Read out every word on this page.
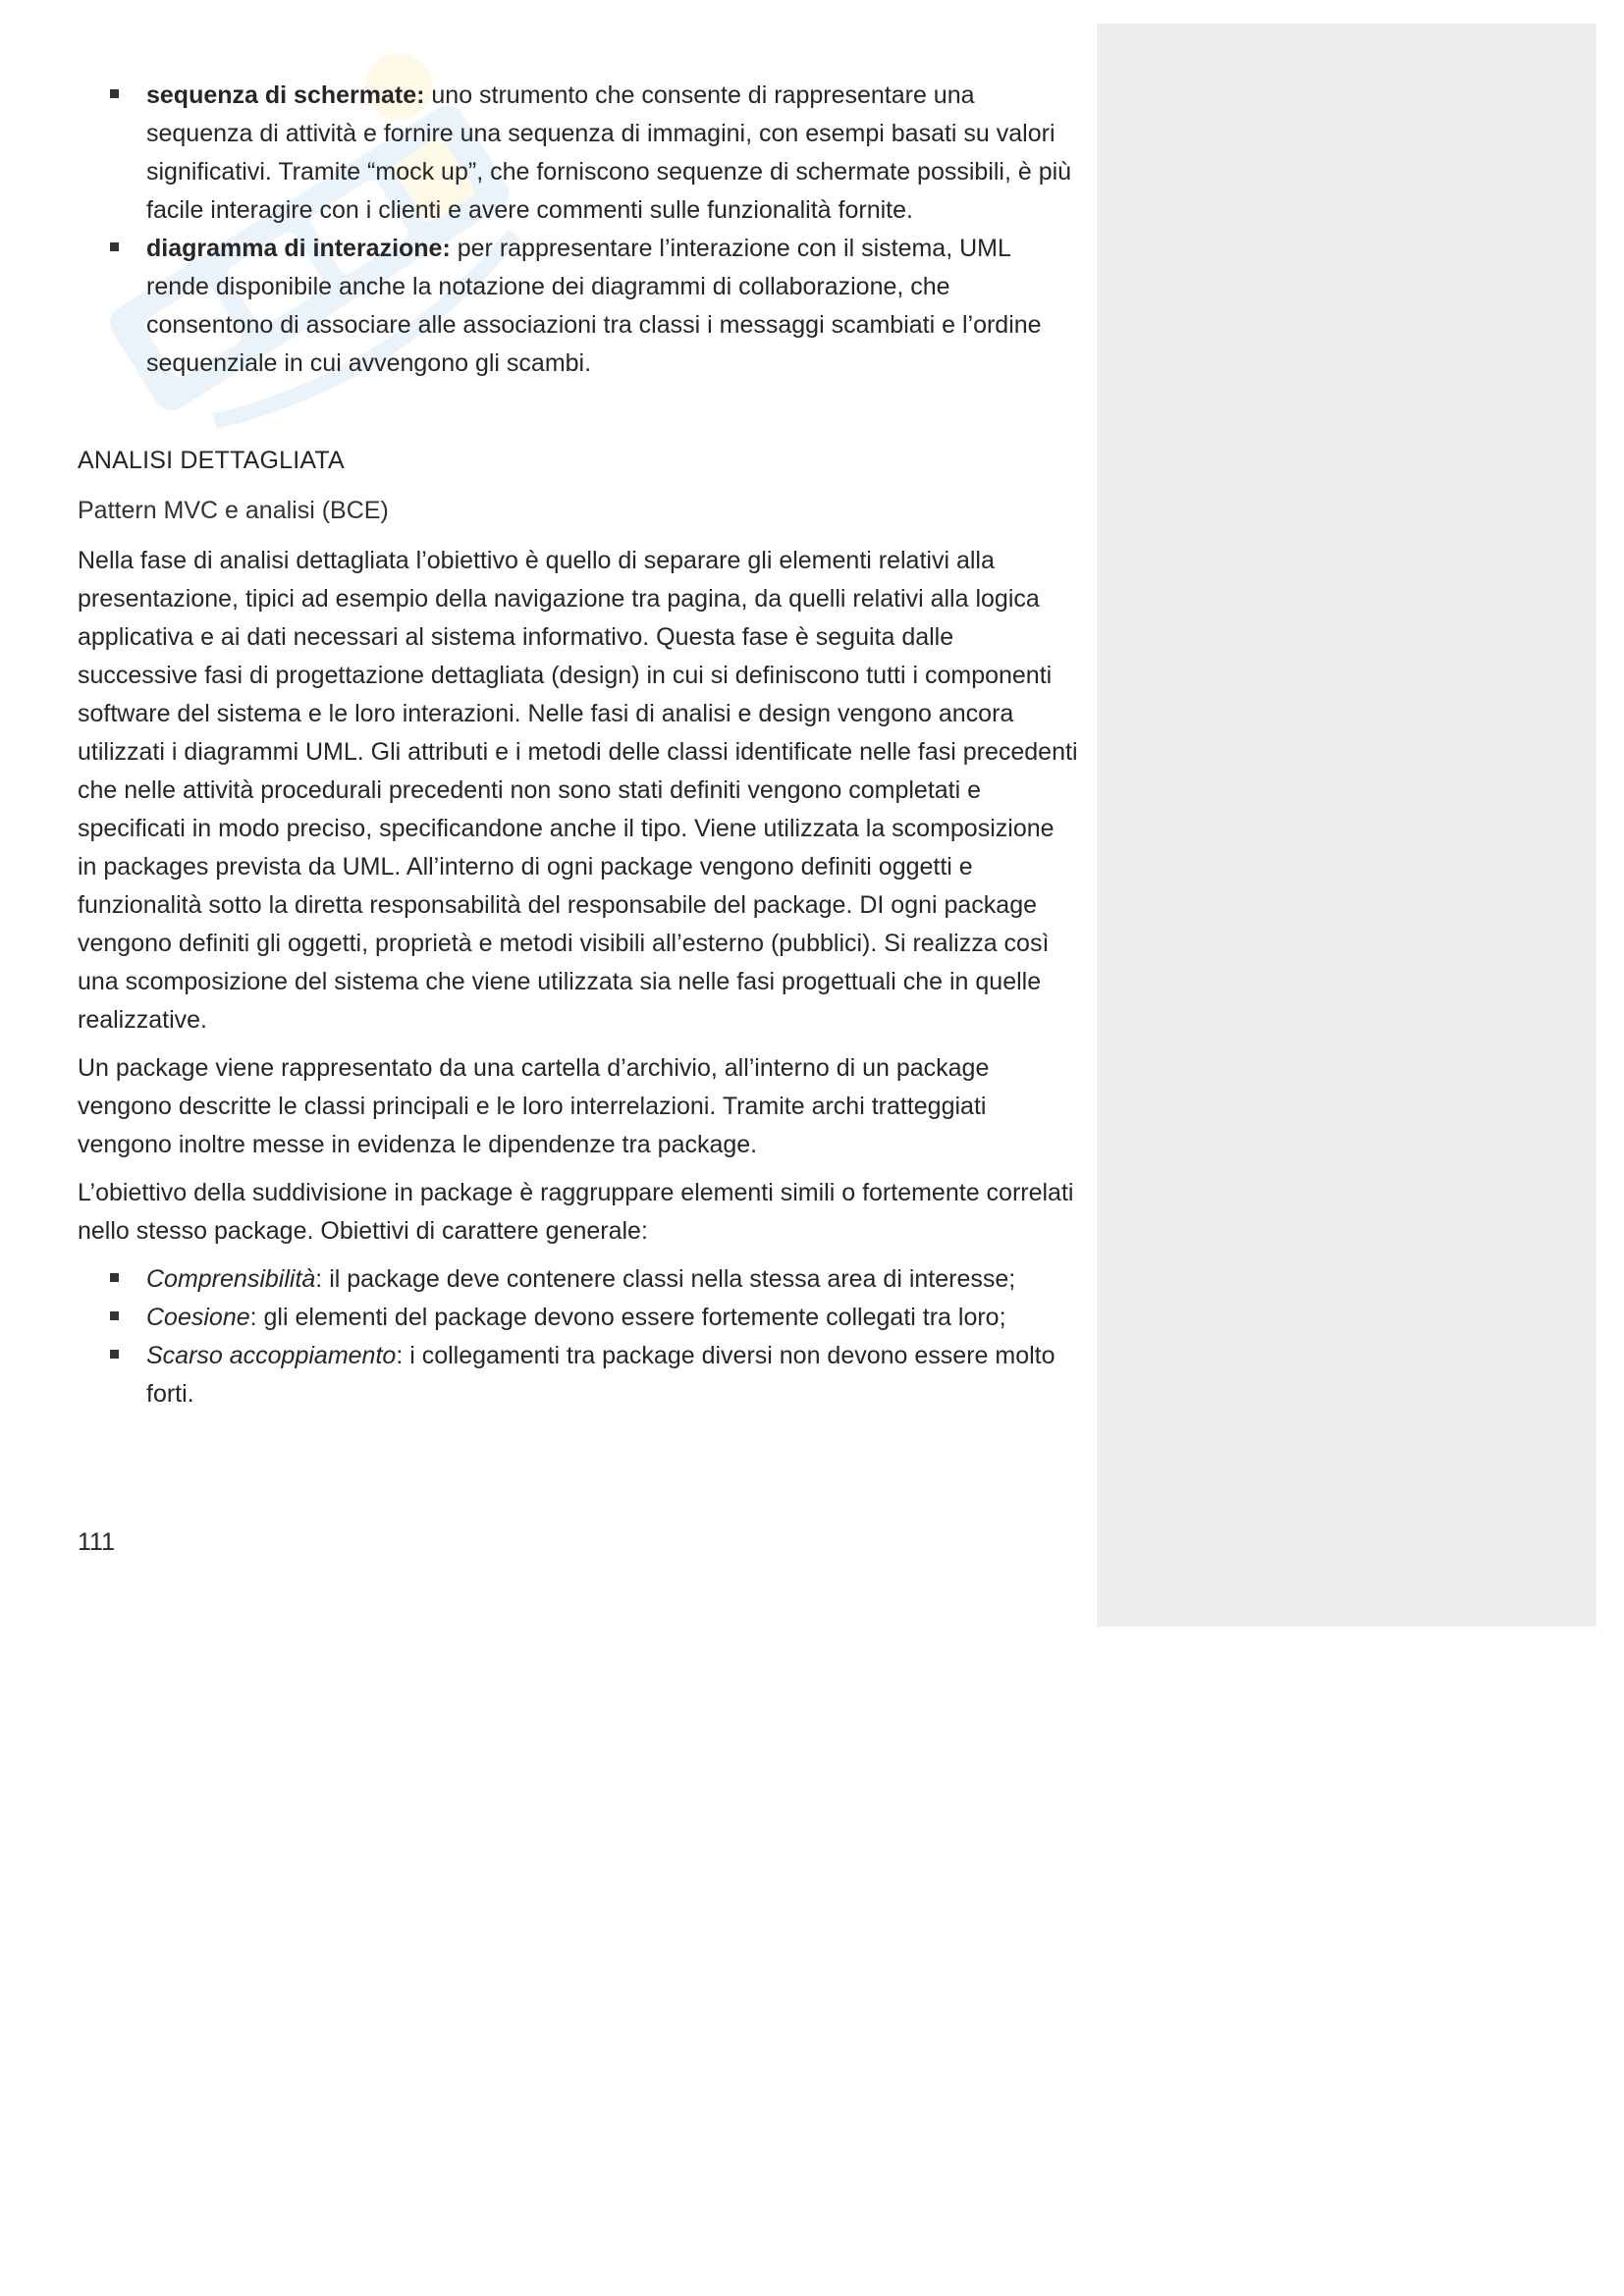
sequenza di schermate: uno strumento che consente di rappresentare una sequenza di attività e fornire una sequenza di immagini, con esempi basati su valori significativi. Tramite “mock up”, che forniscono sequenze di schermate possibili, è più facile interagire con i clienti e avere commenti sulle funzionalità fornite.
diagramma di interazione: per rappresentare l’interazione con il sistema, UML rende disponibile anche la notazione dei diagrammi di collaborazione, che consentono di associare alle associazioni tra classi i messaggi scambiati e l’ordine sequenziale in cui avvengono gli scambi.
ANALISI DETTAGLIATA
Pattern MVC e analisi (BCE)

Nella fase di analisi dettagliata l’obiettivo è quello di separare gli elementi relativi alla presentazione, tipici ad esempio della navigazione tra pagina, da quelli relativi alla logica applicativa e ai dati necessari al sistema informativo. Questa fase è seguita dalle successive fasi di progettazione dettagliata (design) in cui si definiscono tutti i componenti software del sistema e le loro interazioni. Nelle fasi di analisi e design vengono ancora utilizzati i diagrammi UML. Gli attributi e i metodi delle classi identificate nelle fasi precedenti che nelle attività procedurali precedenti non sono stati definiti vengono completati e specificati in modo preciso, specificandone anche il tipo. Viene utilizzata la scomposizione in packages prevista da UML. All’interno di ogni package vengono definiti oggetti e funzionalità sotto la diretta responsabilità del responsabile del package. DI ogni package vengono definiti gli oggetti, proprietà e metodi visibili all’esterno (pubblici). Si realizza così una scomposizione del sistema che viene utilizzata sia nelle fasi progettuali che in quelle realizzative.

Un package viene rappresentato da una cartella d’archivio, all’interno di un package vengono descritte le classi principali e le loro interrelazioni. Tramite archi tratteggiati vengono inoltre messe in evidenza le dipendenze tra package.

L’obiettivo della suddivisione in package è raggruppare elementi simili o fortemente correlati nello stesso package. Obiettivi di carattere generale:

Comprensibilità: il package deve contenere classi nella stessa area di interesse;
Coesione: gli elementi del package devono essere fortemente collegati tra loro;
Scarso accoppiamento: i collegamenti tra package diversi non devono essere molto forti.
111
